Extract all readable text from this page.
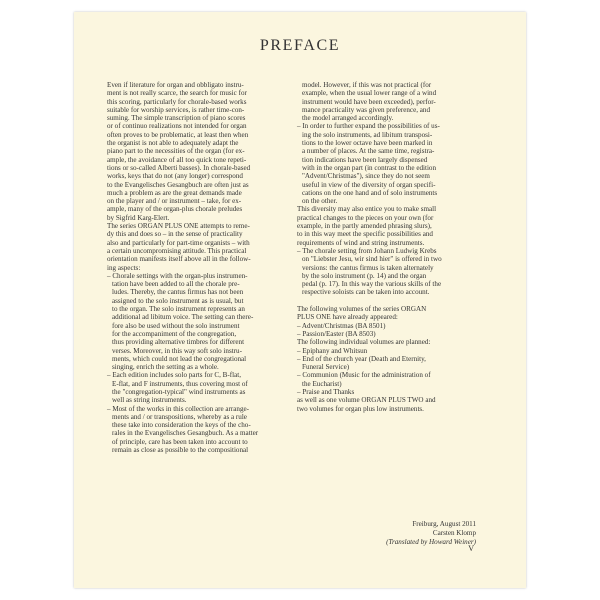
PREFACE
Even if literature for organ and obbligato instru-
ment is not really scarce, the search for music for
this scoring, particularly for chorale-based works
suitable for worship services, is rather time-con-
suming. The simple transcription of piano scores
or of continuo realizations not intended for organ
often proves to be problematic, at least then when
the organist is not able to adequately adapt the
piano part to the necessities of the organ (for ex-
ample, the avoidance of all too quick tone repeti-
tions or so-called Alberti basses). In chorale-based
works, keys that do not (any longer) correspond
to the Evangelisches Gesangbuch are often just as
much a problem as are the great demands made
on the player and / or instrument – take, for ex-
ample, many of the organ-plus chorale preludes
by Sigfrid Karg-Elert.
The series ORGAN PLUS ONE attempts to reme-
dy this and does so – in the sense of practicality
also and particularly for part-time organists – with
a certain uncompromising attitude. This practical
orientation manifests itself above all in the follow-
ing aspects:
– Chorale settings with the organ-plus instrumen-
tation have been added to all the chorale pre-
ludes. Thereby, the cantus firmus has not been
assigned to the solo instrument as is usual, but
to the organ. The solo instrument represents an
additional ad libitum voice. The setting can there-
fore also be used without the solo instrument
for the accompaniment of the congregation,
thus providing alternative timbres for different
verses. Moreover, in this way soft solo instru-
ments, which could not lead the congregational
singing, enrich the setting as a whole.
– Each edition includes solo parts for C, B-flat,
E-flat, and F instruments, thus covering most of
the "congregation-typical" wind instruments as
well as string instruments.
– Most of the works in this collection are arrange-
ments and / or transpositions, whereby as a rule
these take into consideration the keys of the cho-
rales in the Evangelisches Gesangbuch. As a matter
of principle, care has been taken into account to
remain as close as possible to the compositional
model. However, if this was not practical (for
example, when the usual lower range of a wind
instrument would have been exceeded), perfor-
mance practicality was given preference, and
the model arranged accordingly.
– In order to further expand the possibilities of us-
ing the solo instruments, ad libitum transposi-
tions to the lower octave have been marked in
a number of places. At the same time, registra-
tion indications have been largely dispensed
with in the organ part (in contrast to the edition
"Advent/Christmas"), since they do not seem
useful in view of the diversity of organ specifi-
cations on the one hand and of solo instruments
on the other.
This diversity may also entice you to make small
practical changes to the pieces on your own (for
example, in the partly amended phrasing slurs),
to in this way meet the specific possibilities and
requirements of wind and string instruments.
– The chorale setting from Johann Ludwig Krebs
on "Liebster Jesu, wir sind hier" is offered in two
versions: the cantus firmus is taken alternately
by the solo instrument (p. 14) and the organ
pedal (p. 17). In this way the various skills of the
respective soloists can be taken into account.
The following volumes of the series ORGAN
PLUS ONE have already appeared:
– Advent/Christmas (BA 8501)
– Passion/Easter (BA 8503)
The following individual volumes are planned:
– Epiphany and Whitsun
– End of the church year (Death and Eternity,
Funeral Service)
– Communion (Music for the administration of
the Eucharist)
– Praise and Thanks
as well as one volume ORGAN PLUS TWO and
two volumes for organ plus low instruments.
Freiburg, August 2011
Carsten Klomp
(Translated by Howard Weiner)
V
